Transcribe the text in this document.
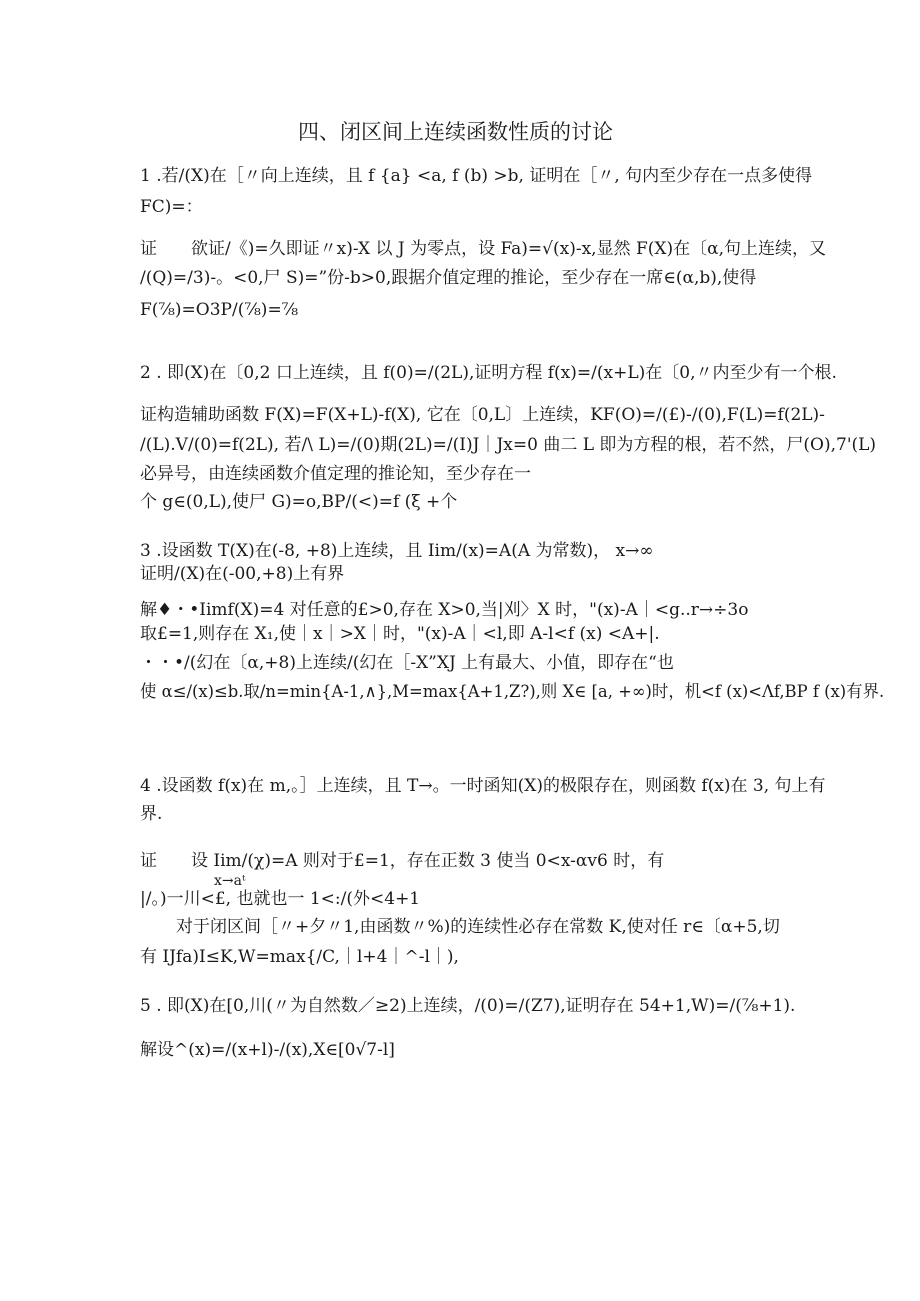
四、闭区间上连续函数性质的讨论
1 .若/(X)在［〃向上连续，且 f {a} <a, f (b) >b, 证明在［〃, 句内至少存在一点多使得
FC)=：
证　　欲证/《)=久即证〃x)-X 以 J 为零点，设 Fa)=√(x)-x,显然 F(X)在〔α,句上连续，又
/(Q)=/3)-。<0,尸 S)=”份-b>0,跟据介值定理的推论，至少存在一席∈(α,b),使得
F(⅞)=O3P/(⅞)=⅞
2 . 即(X)在〔0,2 口上连续，且 f(0)=/(2L),证明方程 f(x)=/(x+L)在〔0,〃内至少有一个根.
证构造辅助函数 F(X)=F(X+L)-f(X), 它在〔0,L〕上连续，KF(O)=/(£)-/(0),F(L)=f(2L)-
/(L).V/(0)=f(2L), 若/\ L)=/(0)期(2L)=/(I)J｜Jx=0 曲二 L 即为方程的根，若不然，尸(O),7'(L)
必异号，由连续函数介值定理的推论知，至少存在一
个 g∈(0,L),使尸 G)=o,BP/(<)=f (ξ +个
3 .设函数 T(X)在(-8, +8)上连续，且 Iim/(x)=A(A 为常数)， x→∞
证明/(X)在(-00,+8)上有界
解♦・•Iimf(X)=4 对任意的£>0,存在 X>0,当|刈〉X 时，"(x)-A｜<g..r→÷3o
取£=1,则存在 X₁,使｜x｜>X｜时，"(x)-A｜<l,即 A-l<f (x) <A+|.
・・•/(幻在〔α,+8)上连续/(幻在［-X”XJ 上有最大、小值，即存在“也
使 α≤/(x)≤b.取/n=min{A-1,∧},M=max{A+1,Z?),则 X∈ [a, +∞)时，机<f (x)<Λf,BP f (x)有界.
4 .设函数 f(x)在 m,。］上连续，且 T→。一时函知(X)的极限存在，则函数 f(x)在 3, 句上有
界.
证　　设 Iim/(χ)=A 则对于£=1，存在正数 3 使当 0<x-αv6 时，有
x→aᵗ
|/。)一川<£, 也就也一 1<:/(外<4+1
对于闭区间［〃+夕〃1,由函数〃%)的连续性必存在常数 K,使对任 r∈〔α+5,切
有 IJfa)I≤K,W=max{∕C,｜l+4｜^-l｜),
5 . 即(X)在[0,川(〃为自然数／≥2)上连续，/(0)=/(Z7),证明存在 54+1,W)=/(⅞+1).
解设^(x)=/(x+l)-/(x),X∈[0√7-l]
